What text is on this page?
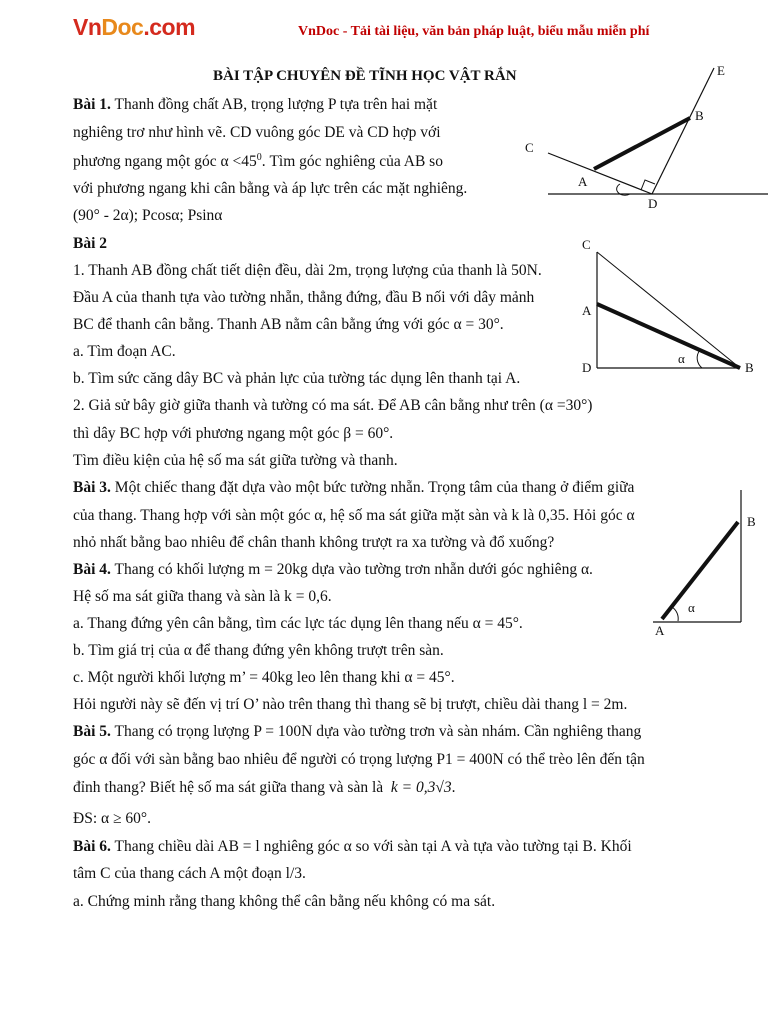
VnDoc.com	VnDoc - Tải tài liệu, văn bản pháp luật, biểu mẫu miễn phí
BÀI TẬP CHUYÊN ĐỀ TĨNH HỌC VẬT RẮN
Bài 1. Thanh đồng chất AB, trọng lượng P tựa trên hai mặt
nghiêng trơ như hình vẽ. CD vuông góc DE và CD hợp với
phương ngang một góc $\alpha <45^0$. Tìm góc nghiêng của AB so
với phương ngang khi cân bằng và áp lực trên các mặt nghiêng.
(90° - 2α); Pcosα; Psinα
Bài 2
1. Thanh AB đồng chất tiết diện đều, dài 2m, trọng lượng của thanh là 50N.
Đầu A của thanh tựa vào tường nhẵn, thẳng đứng, đầu B nối với dây mảnh
BC để thanh cân bằng. Thanh AB nằm cân bằng ứng với góc α = 30°.
a. Tìm đoạn AC.
b. Tìm sức căng dây BC và phản lực của tường tác dụng lên thanh tại A.
2. Giả sử bây giờ giữa thanh và tường có ma sát. Để AB cân bằng như trên (α =30°)
thì dây BC hợp với phương ngang một góc β = 60°.
Tìm điều kiện của hệ số ma sát giữa tường và thanh.
Bài 3. Một chiếc thang đặt dựa vào một bức tường nhẵn. Trọng tâm của thang ở điểm giữa
của thang. Thang hợp với sàn một góc α, hệ số ma sát giữa mặt sàn và k là 0,35. Hỏi góc α
nhỏ nhất bằng bao nhiêu để chân thanh không trượt ra xa tường và đổ xuống?
Bài 4. Thang có khối lượng m = 20kg dựa vào tường trơn nhẵn dưới góc nghiêng α.
Hệ số ma sát giữa thang và sàn là k = 0,6.
a. Thang đứng yên cân bằng, tìm các lực tác dụng lên thang nếu α = 45°.
b. Tìm giá trị của α để thang đứng yên không trượt trên sàn.
c. Một người khối lượng m’ = 40kg leo lên thang khi α = 45°.
Hỏi người này sẽ đến vị trí O’ nào trên thang thì thang sẽ bị trượt, chiều dài thang l = 2m.
Bài 5. Thang có trọng lượng P = 100N dựa vào tường trơn và sàn nhám. Cần nghiêng thang
góc α đối với sàn bằng bao nhiêu để người có trọng lượng P1 = 400N có thể trèo lên đến tận
đỉnh thang? Biết hệ số ma sát giữa thang và sàn là k = 0,3√3.
ĐS: α ≥ 60°.
Bài 6. Thang chiều dài AB = l nghiêng góc α so với sàn tại A và tựa vào tường tại B. Khối
tâm C của thang cách A một đoạn l/3.
a. Chứng minh rằng thang không thể cân bằng nếu không có ma sát.
C
A
B
D
E
C
A
D	B
α
B
A
α
